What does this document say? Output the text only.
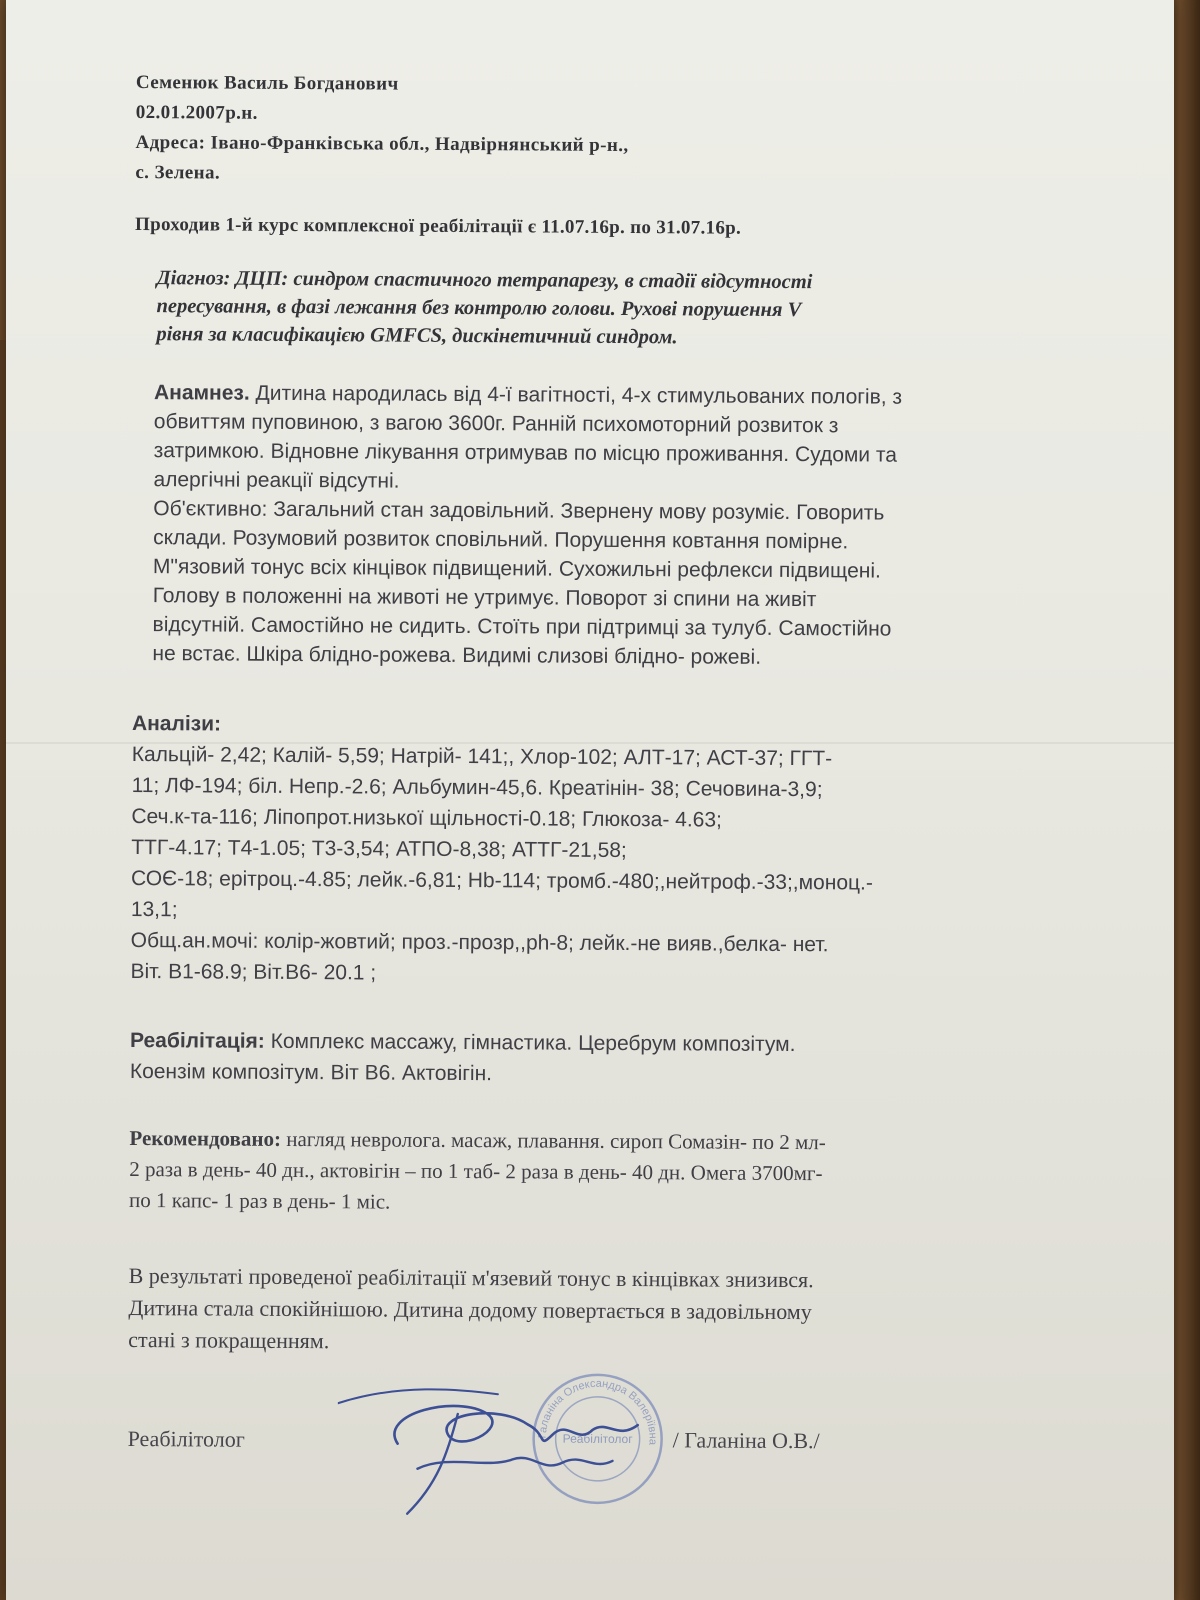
Семенюк Василь Богданович
02.01.2007р.н.
Адреса: Івано-Франківська обл., Надвірнянський р-н.,
с. Зелена.
Проходив 1-й курс комплексної реабілітації є 11.07.16р. по 31.07.16р.
Діагноз: ДЦП: синдром спастичного тетрапарезу, в стадії відсутності
пересування, в фазі лежання без контролю голови. Рухові порушення V
рівня за класифікацією GMFCS, дискінетичний синдром.
Анамнез. Дитина народилась від 4-ї вагітності, 4-х стимульованих пологів, з
обвиттям пуповиною, з вагою 3600г. Ранній психомоторний розвиток з
затримкою. Відновне лікування отримував по місцю проживання. Судоми та
алергічні реакції відсутні.
Об'єктивно: Загальний стан задовільний. Звернену мову розуміє. Говорить
склади. Розумовий розвиток сповільний. Порушення ковтання помірне.
М"язовий тонус всіх кінцівок підвищений. Сухожильні рефлекси підвищені.
Голову в положенні на животі не утримує. Поворот зі спини на живіт
відсутній. Самостійно не сидить. Стоїть при підтримці за тулуб. Самостійно
не встає. Шкіра блідно-рожева. Видимі слизові блідно- рожеві.
Аналізи:
Кальцій- 2,42; Калій- 5,59; Натрій- 141;, Хлор-102; АЛТ-17; АСТ-37; ГГТ-
11; ЛФ-194; біл. Непр.-2.6; Альбумин-45,6. Креатінін- 38; Сечовина-3,9;
Сеч.к-та-116; Ліпопрот.низької щільності-0.18; Глюкоза- 4.63;
ТТГ-4.17; Т4-1.05; Т3-3,54; АТПО-8,38; АТТГ-21,58;
СОЄ-18; ерітроц.-4.85; лейк.-6,81; Hb-114; тромб.-480;,нейтроф.-33;,моноц.-
13,1;
Общ.ан.мочі: колір-жовтий; проз.-прозр,,ph-8; лейк.-не вияв.,белка- нет.
Віт. В1-68.9; Віт.В6- 20.1 ;
Реабілітація: Комплекс массажу, гімнастика. Церебрум композітум.
Коензім композітум. Віт В6. Актовігін.
Рекомендовано: нагляд невролога. масаж, плавання. сироп Сомазін- по 2 мл-
2 раза в день- 40 дн., актовігін – по 1 таб- 2 раза в день- 40 дн. Омега 3700мг-
по 1 капс- 1 раз в день- 1 міс.
В результаті проведеної реабілітації м'язевий тонус в кінцівках знизився.
Дитина стала спокійнішою. Дитина додому повертається в задовільному
стані з покращенням.
Реабілітолог	Галаніна Олександра Валеріївна
Реабілітолог / Галаніна О.В./
